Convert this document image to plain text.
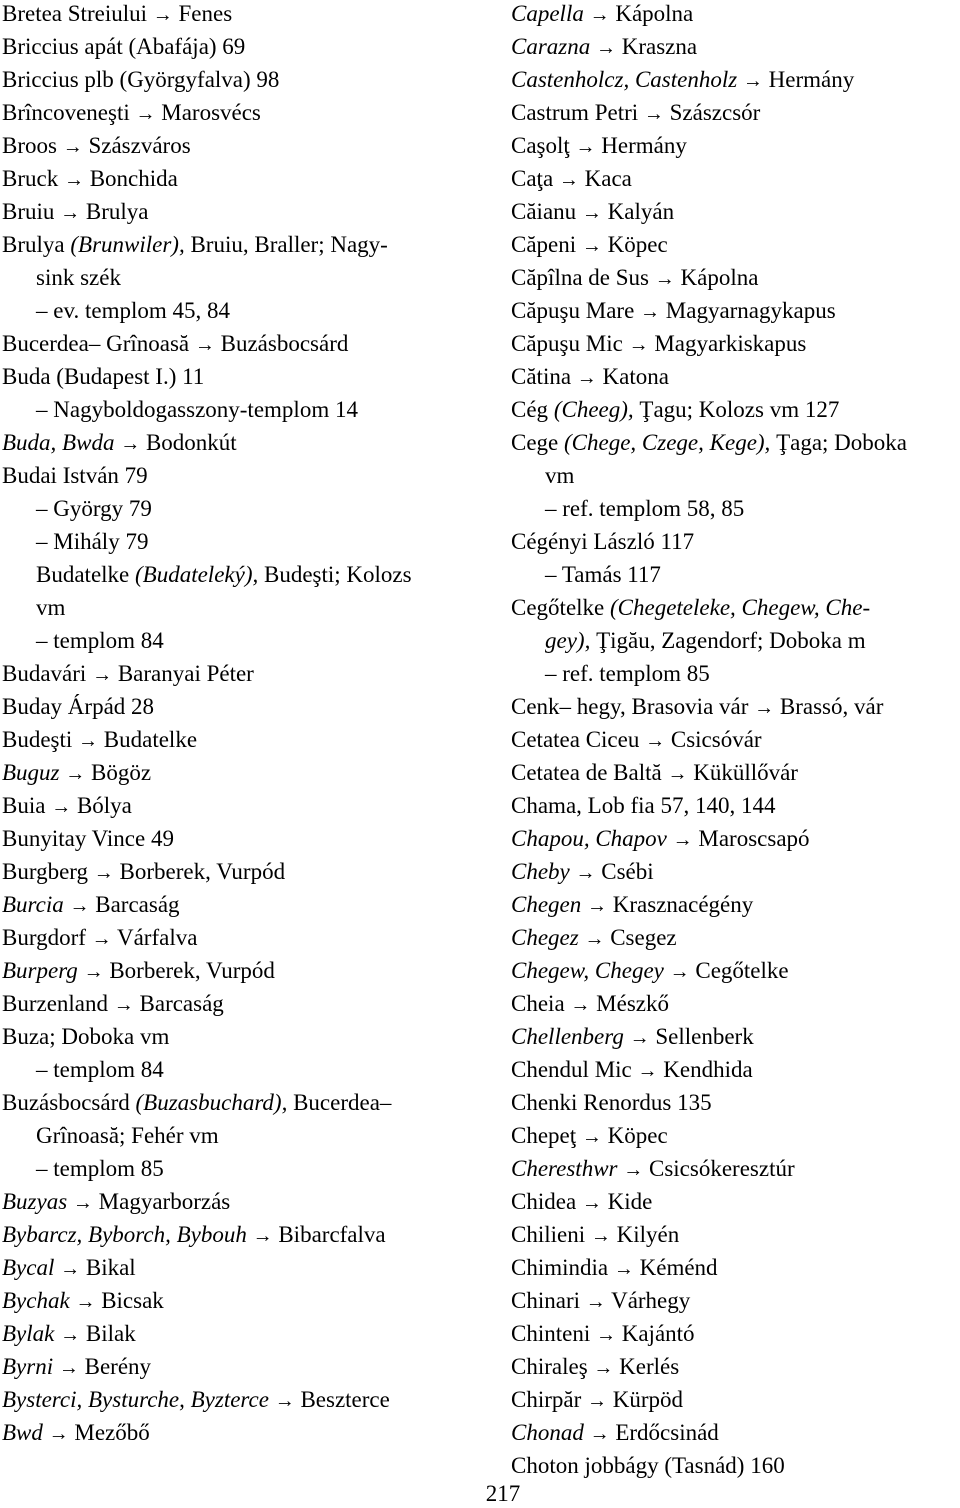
Bretea Streiului → Fenes
Briccius apát (Abafája) 69
Briccius plb (Györgyfalva) 98
Brîncoveneşti → Marosvécs
Broos → Szászváros
Bruck → Bonchida
Bruiu → Brulya
Brulya (Brunwiler), Bruiu, Braller; Nagy-
sink szék
– ev. templom 45, 84
Bucerdea– Grînoasă → Buzásbocsárd
Buda (Budapest I.) 11
– Nagyboldogasszony-templom 14
Buda, Bwda → Bodonkút
Budai István 79
– György 79
– Mihály 79
Budatelke (Budateleký), Budeşti; Kolozs
vm
– templom 84
Budavári → Baranyai Péter
Buday Árpád 28
Budeşti → Budatelke
Buguz → Bögöz
Buia → Bólya
Bunyitay Vince 49
Burgberg → Borberek, Vurpód
Burcia → Barcaság
Burgdorf → Várfalva
Burperg → Borberek, Vurpód
Burzenland → Barcaság
Buza; Doboka vm
– templom 84
Buzásbocsárd (Buzasbuchard), Bucerdea–
Grînoasă; Fehér vm
– templom 85
Buzyas → Magyarborzás
Bybarcz, Byborch, Bybouh → Bibarcfalva
Bycal → Bikal
Bychak → Bicsak
Bylak → Bilak
Byrni → Berény
Bysterci, Bysturche, Byzterce → Beszterce
Bwd → Mezőbő
Capella → Kápolna
Carazna → Kraszna
Castenholcz, Castenholz → Hermány
Castrum Petri → Szászcsór
Caşolţ → Hermány
Caţa → Kaca
Căianu → Kalyán
Căpeni → Köpec
Căpîlna de Sus → Kápolna
Căpuşu Mare → Magyarnagykapus
Căpuşu Mic → Magyarkiskapus
Cătina → Katona
Cég (Cheeg), Ţagu; Kolozs vm 127
Cege (Chege, Czege, Kege), Ţaga; Doboka
vm
– ref. templom 58, 85
Cégényi László 117
– Tamás 117
Cegőtelke (Chegeteleke, Chegew, Che-
gey), Ţigău, Zagendorf; Doboka m
– ref. templom 85
Cenk– hegy, Brasovia vár → Brassó, vár
Cetatea Ciceu → Csicsóvár
Cetatea de Baltă → Küküllővár
Chama, Lob fia 57, 140, 144
Chapou, Chapov → Maroscsapó
Cheby → Csébi
Chegen → Krasznacégény
Chegez → Csegez
Chegew, Chegey → Cegőtelke
Cheia → Mészkő
Chellenberg → Sellenberk
Chendul Mic → Kendhida
Chenki Renordus 135
Chepeţ → Köpec
Cheresthwr → Csicsókeresztúr
Chidea → Kide
Chilieni → Kilyén
Chimindia → Kéménd
Chinari → Várhegy
Chinteni → Kajántó
Chiraleş → Kerlés
Chirpăr → Kürpöd
Chonad → Erdőcsinád
Choton jobbágy (Tasnád) 160
217
